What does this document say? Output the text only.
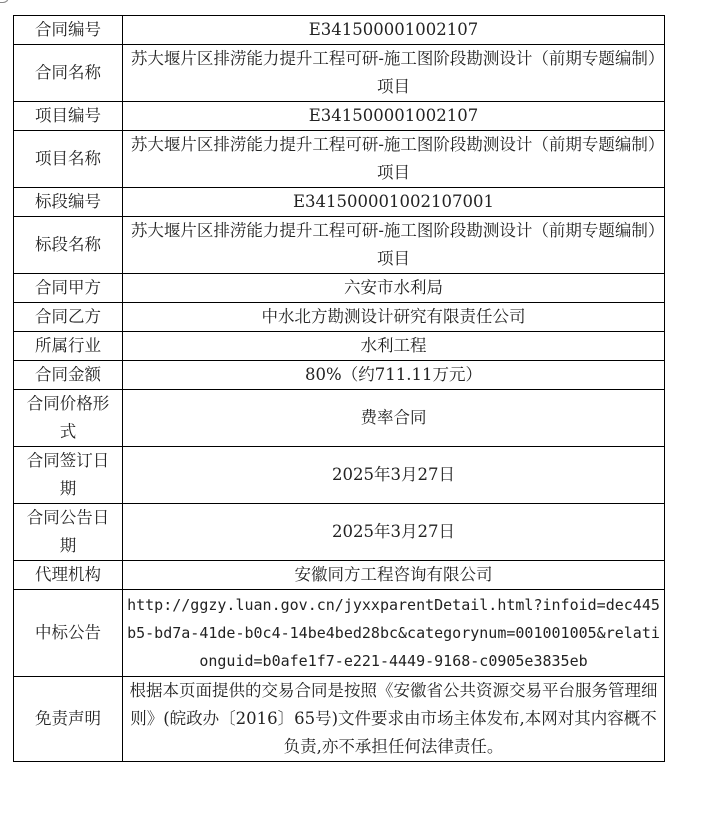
合同编号	E341500001002107
合同名称	苏大堰片区排涝能力提升工程可研-施工图阶段勘测设计（前期专题编制）项目
项目编号	E341500001002107
项目名称	苏大堰片区排涝能力提升工程可研-施工图阶段勘测设计（前期专题编制）项目
标段编号	E341500001002107001
标段名称	苏大堰片区排涝能力提升工程可研-施工图阶段勘测设计（前期专题编制）项目
合同甲方	六安市水利局
合同乙方	中水北方勘测设计研究有限责任公司
所属行业	水利工程
合同金额	80%（约711.11万元）
合同价格形式	费率合同
合同签订日期	2025年3月27日
合同公告日期	2025年3月27日
代理机构	安徽同方工程咨询有限公司
中标公告	http://ggzy.luan.gov.cn/jyxxparentDetail.html?infoid=dec445b5-bd7a-41de-b0c4-14be4bed28bc&categorynum=001001005&relationguid=b0afe1f7-e221-4449-9168-c0905e3835eb
免责声明	根据本页面提供的交易合同是按照《安徽省公共资源交易平台服务管理细则》(皖政办〔2016〕65号)文件要求由市场主体发布,本网对其内容概不负责,亦不承担任何法律责任。
